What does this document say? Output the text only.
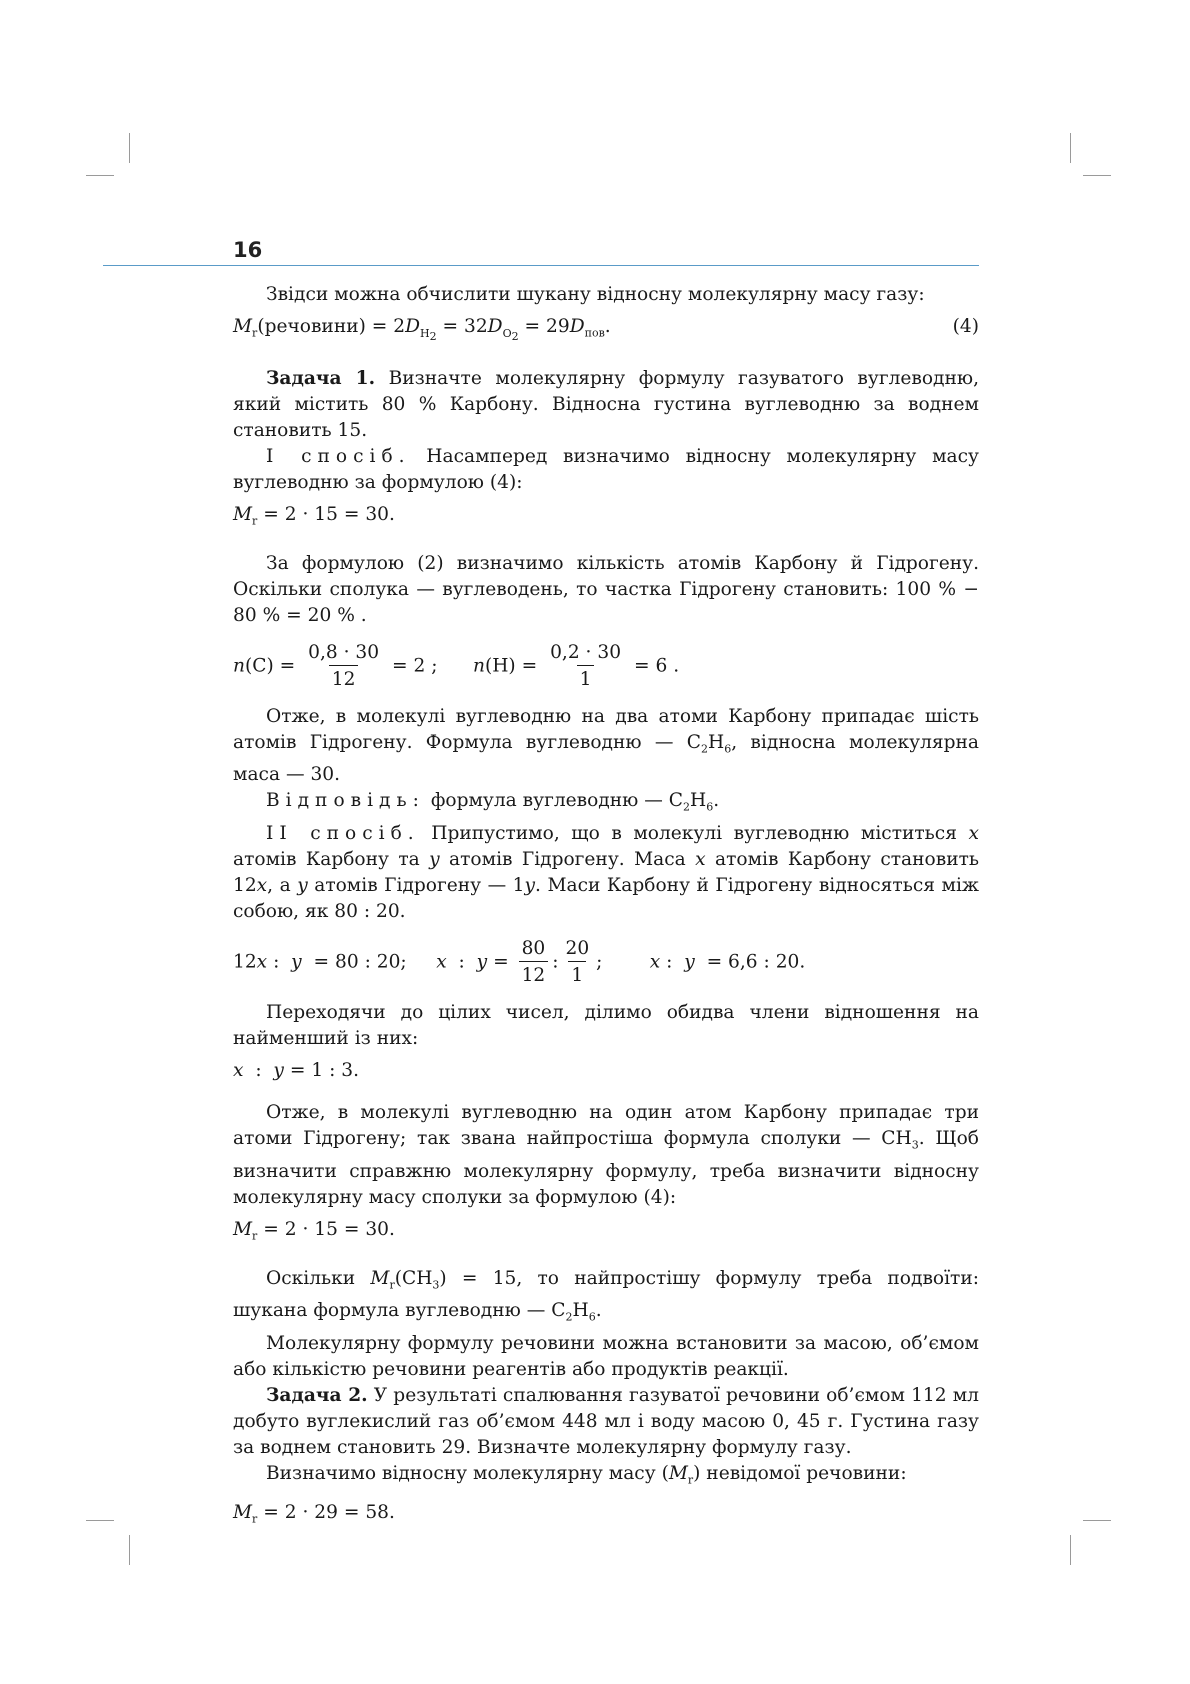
16

Звідси можна обчислити шукану відносну молекулярну масу газу:

$M_r(речовини) = 2D_{H_2} = 32D_{O_2} = 29D_{пов}$.	(4)

Задача 1. Визначте молекулярну формулу газуватого вуглеводню, який містить 80 % Карбону. Відносна густина вуглеводню за воднем становить 15.

І спосіб. Насамперед визначимо відносну молекулярну масу вуглеводню за формулою (4):

$M_r = 2 \cdot 15 = 30$.

За формулою (2) визначимо кількість атомів Карбону й Гідрогену. Оскільки сполука — вуглеводень, то частка Гідрогену становить: 100 % − 80 % = 20 % .

$n(C) = \frac{0,8 \cdot 30}{12} = 2$ ; $n(H) = \frac{0,2 \cdot 30}{1} = 6$ .

Отже, в молекулі вуглеводню на два атоми Карбону припадає шість атомів Гідрогену. Формула вуглеводню — $C_2H_6$, відносна молекулярна маса — 30.

Відповідь: формула вуглеводню — $C_2H_6$.

ІІ спосіб. Припустимо, що в молекулі вуглеводню міститься x атомів Карбону та y атомів Гідрогену. Маса x атомів Карбону становить 12x, а y атомів Гідрогену — 1y. Маси Карбону й Гідрогену відносяться між собою, як 80 : 20.

12x :  y  = 80 : 20;     x  :  $y = \frac{80}{12}$ : $\frac{20}{1}$ ;        x :  y  = 6,6 : 20.

Переходячи до цілих чисел, ділимо обидва члени відношення на найменший із них:

x  :  y = 1 : 3.

Отже, в молекулі вуглеводню на один атом Карбону припадає три атоми Гідрогену; так звана найпростіша формула сполуки — $CH_3$. Щоб визначити справжню молекулярну формулу, треба визначити відносну молекулярну масу сполуки за формулою (4):

$M_r = 2 \cdot 15 = 30$.

Оскільки $M_r(CH_3) = 15$, то найпростішу формулу треба подвоїти: шукана формула вуглеводню — $C_2H_6$.

Молекулярну формулу речовини можна встановити за масою, об’ємом або кількістю речовини реагентів або продуктів реакції.

Задача 2. У результаті спалювання газуватої речовини об’ємом 112 мл добуто вуглекислий газ об’ємом 448 мл і воду масою 0, 45 г. Густина газу за воднем становить 29. Визначте молекулярну формулу газу.

Визначимо відносну молекулярну масу $(M_r)$ невідомої речовини:

$M_r = 2 \cdot 29 = 58$.
